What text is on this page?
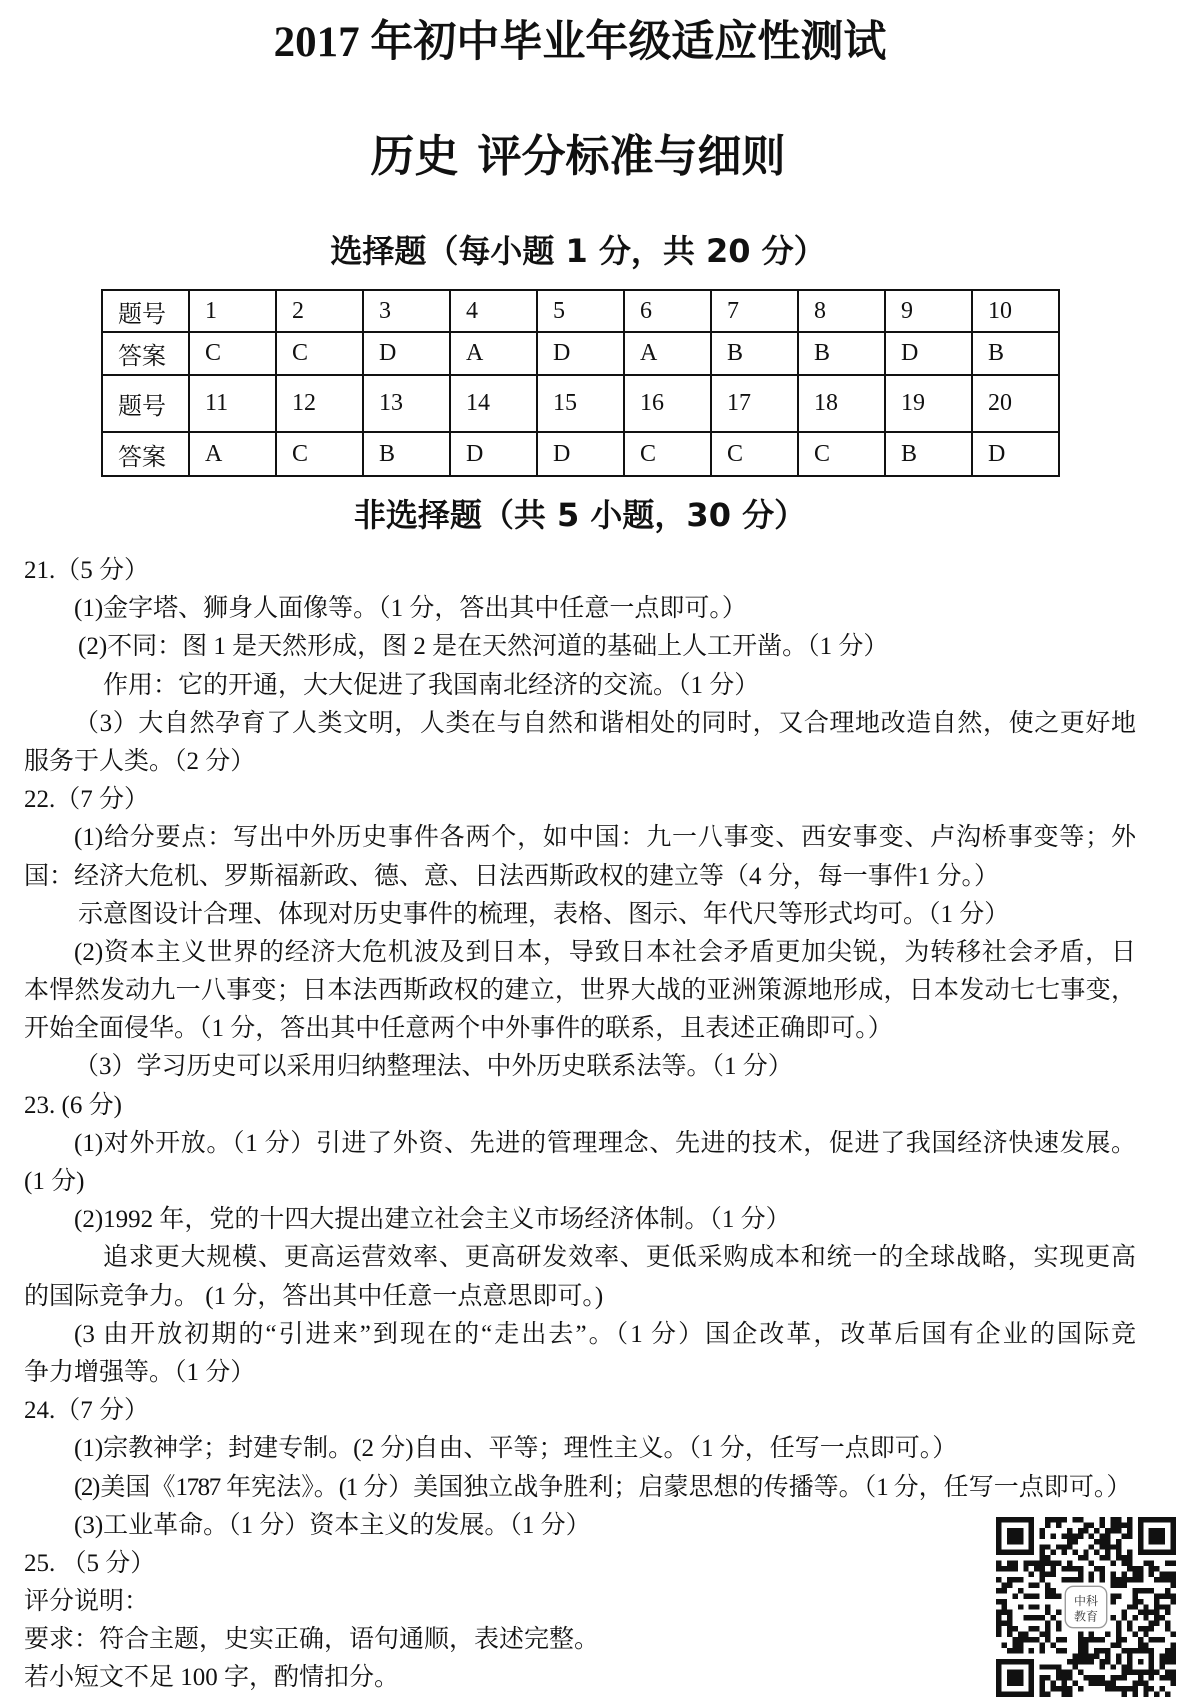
2017 年初中毕业年级适应性测试
历史 评分标准与细则
选择题（每小题 1 分，共 20 分）
题号	1	2	3	4	5	6	7	8	9	10
答案	C	C	D	A	D	A	B	B	D	B
题号	11	12	13	14	15	16	17	18	19	20
答案	A	C	B	D	D	C	C	C	B	D
非选择题（共 5 小题，30 分）
21.（5 分）
(1)金字塔、狮身人面像等。（1 分，答出其中任意一点即可。）
(2)不同：图 1 是天然形成，图 2 是在天然河道的基础上人工开凿。（1 分）
作用：它的开通，大大促进了我国南北经济的交流。（1 分）
（3）大自然孕育了人类文明，人类在与自然和谐相处的同时，又合理地改造自然，使之更好地
服务于人类。（2 分）
22.（7 分）
(1)给分要点：写出中外历史事件各两个，如中国：九一八事变、西安事变、卢沟桥事变等；外
国：经济大危机、罗斯福新政、德、意、日法西斯政权的建立等（4 分，每一事件1 分。）
示意图设计合理、体现对历史事件的梳理，表格、图示、年代尺等形式均可。（1 分）
(2)资本主义世界的经济大危机波及到日本，导致日本社会矛盾更加尖锐，为转移社会矛盾，日
本悍然发动九一八事变；日本法西斯政权的建立，世界大战的亚洲策源地形成，日本发动七七事变，
开始全面侵华。（1 分，答出其中任意两个中外事件的联系，且表述正确即可。）
（3）学习历史可以采用归纳整理法、中外历史联系法等。（1 分）
23. (6 分)
(1)对外开放。（1 分）引进了外资、先进的管理理念、先进的技术，促进了我国经济快速发展。
(1 分)
(2)1992 年，党的十四大提出建立社会主义市场经济体制。（1 分）
追求更大规模、更高运营效率、更高研发效率、更低采购成本和统一的全球战略，实现更高
的国际竞争力。 (1 分，答出其中任意一点意思即可。)
(3 由开放初期的“引进来”到现在的“走出去”。（1 分）国企改革，改革后国有企业的国际竞
争力增强等。（1 分）
24.（7 分）
(1)宗教神学；封建专制。(2 分)自由、平等；理性主义。（1 分，任写一点即可。）
(2)美国《1787 年宪法》。(1 分）美国独立战争胜利；启蒙思想的传播等。（1 分，任写一点即可。）
(3)工业革命。（1 分）资本主义的发展。（1 分）
25. （5 分）
评分说明：
要求：符合主题，史实正确，语句通顺，表述完整。
若小短文不足 100 字，酌情扣分。
中科
教育
